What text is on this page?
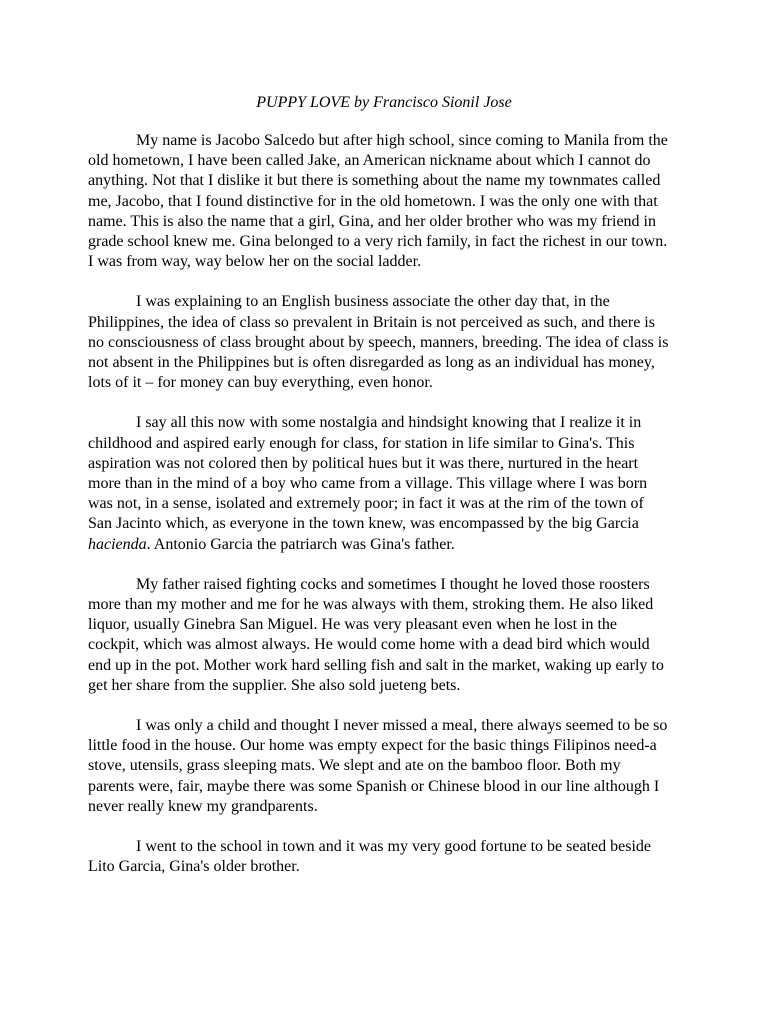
PUPPY LOVE by Francisco Sionil Jose

My name is Jacobo Salcedo but after high school, since coming to Manila from the old hometown, I have been called Jake, an American nickname about which I cannot do anything. Not that I dislike it but there is something about the name my townmates called me, Jacobo, that I found distinctive for in the old hometown. I was the only one with that name. This is also the name that a girl, Gina, and her older brother who was my friend in grade school knew me. Gina belonged to a very rich family, in fact the richest in our town. I was from way, way below her on the social ladder.

I was explaining to an English business associate the other day that, in the Philippines, the idea of class so prevalent in Britain is not perceived as such, and there is no consciousness of class brought about by speech, manners, breeding. The idea of class is not absent in the Philippines but is often disregarded as long as an individual has money, lots of it – for money can buy everything, even honor.

I say all this now with some nostalgia and hindsight knowing that I realize it in childhood and aspired early enough for class, for station in life similar to Gina's. This aspiration was not colored then by political hues but it was there, nurtured in the heart more than in the mind of a boy who came from a village. This village where I was born was not, in a sense, isolated and extremely poor; in fact it was at the rim of the town of San Jacinto which, as everyone in the town knew, was encompassed by the big Garcia hacienda. Antonio Garcia the patriarch was Gina's father.

My father raised fighting cocks and sometimes I thought he loved those roosters more than my mother and me for he was always with them, stroking them. He also liked liquor, usually Ginebra San Miguel. He was very pleasant even when he lost in the cockpit, which was almost always. He would come home with a dead bird which would end up in the pot. Mother work hard selling fish and salt in the market, waking up early to get her share from the supplier. She also sold jueteng bets.

I was only a child and thought I never missed a meal, there always seemed to be so little food in the house. Our home was empty expect for the basic things Filipinos need-a stove, utensils, grass sleeping mats. We slept and ate on the bamboo floor. Both my parents were, fair, maybe there was some Spanish or Chinese blood in our line although I never really knew my grandparents.

I went to the school in town and it was my very good fortune to be seated beside Lito Garcia, Gina's older brother.
